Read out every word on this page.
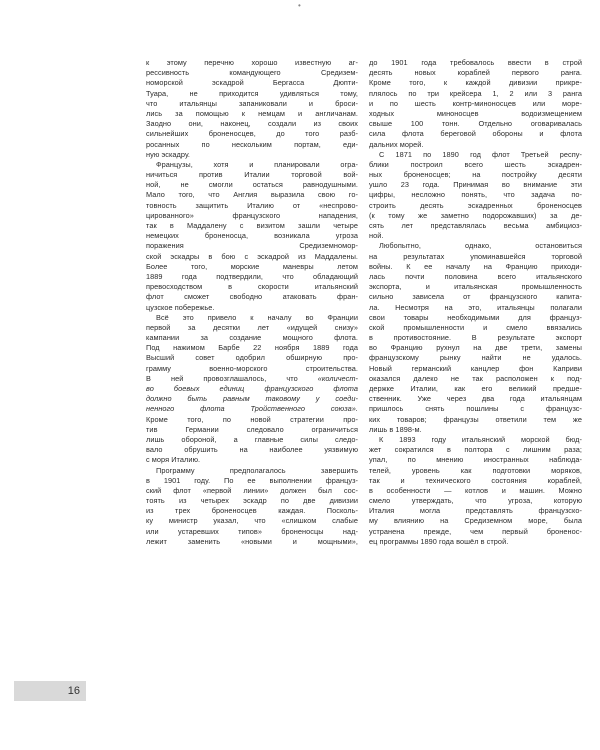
•
к этому перечню хорошо известную аг-
рессивность командующего Средизем-
номорской эскадрой Бергасса Дюпти-
Туара, не приходится удивляться тому,
что итальянцы запаниковали и броси-
лись за помощью к немцам и англичанам.
Заодно они, наконец, создали из своих
сильнейших броненосцев, до того разб-
росанных по нескольким портам, еди-
ную эскадру.
Французы, хотя и планировали огра-
ничиться против Италии торговой вой-
ной, не смогли остаться равнодушными.
Мало того, что Англия выразила свою го-
товность защитить Италию от «неспрово-
цированного» французского нападения,
так в Маддалену с визитом зашли четыре
немецких броненосца, возникала угроза
поражения Средиземномор-
ской эскадры в бою с эскадрой из Маддалены.
Более того, морские маневры летом
1889 года подтвердили, что обладающий
превосходством в скорости итальянский
флот сможет свободно атаковать фран-
цузское побережье.
Всё это привело к началу во Франции
первой за десятки лет «идущей снизу»
кампании за создание мощного флота.
Под нажимом Барбе 22 ноября 1889 года
Высший совет одобрил обширную про-
грамму военно-морского строительства.
В ней провозглашалось, что «количест-
во боевых единиц французского флота
должно быть равным таковому у соеди-
ненного флота Тройственного союза».
Кроме того, по новой стратегии про-
тив Германии следовало ограничиться
лишь обороной, а главные силы следо-
вало обрушить на наиболее уязвимую
с моря Италию.
Программу предполагалось завершить
в 1901 году. По ее выполнении француз-
ский флот «первой линии» должен был сос-
тоять из четырех эскадр по две дивизии
из трех броненосцев каждая. Посколь-
ку министр указал, что «слишком слабые
или устаревших типов» броненосцы над-
лежит заменить «новыми и мощными»,
до 1901 года требовалось ввести в строй
десять новых кораблей первого ранга.
Кроме того, к каждой дивизии прикре-
плялось по три крейсера 1, 2 или 3 ранга
и по шесть контр-миноносцев или море-
ходных миноносцев водоизмещением
свыше 100 тонн. Отдельно оговаривалась
сила флота береговой обороны и флота
дальних морей.
С 1871 по 1890 год флот Третьей респу-
блики построил всего шесть эскадрен-
ных броненосцев; на постройку десяти
ушло 23 года. Принимая во внимание эти
цифры, несложно понять, что задача по-
строить десять эскадренных броненосцев
(к тому же заметно подорожавших) за де-
сять лет представлялась весьма амбициоз-
ной.
Любопытно, однако, остановиться
на результатах упоминавшейся торговой
войны. К ее началу на Францию приходи-
лась почти половина всего итальянского
экспорта, и итальянская промышленность
сильно зависела от французского капита-
ла. Несмотря на это, итальянцы полагали
свои товары необходимыми для француз-
ской промышленности и смело ввязались
в противостояние. В результате экспорт
во Францию рухнул на две трети, замены
французскому рынку найти не удалось.
Новый германский канцлер фон Каприви
оказался далеко не так расположен к под-
держке Италии, как его великий предше-
ственник. Уже через два года итальянцам
пришлось снять пошлины с французс-
ких товаров; французы ответили тем же
лишь в 1898-м.
К 1893 году итальянский морской бюд-
жет сократился в полтора с лишним раза;
упал, по мнению иностранных наблюда-
телей, уровень как подготовки моряков,
так и технического состояния кораблей,
в особенности — котлов и машин. Можно
смело утверждать, что угроза, которую
Италия могла представлять французско-
му влиянию на Средиземном море, была
устранена прежде, чем первый броненос-
ец программы 1890 года вошёл в строй.
16
